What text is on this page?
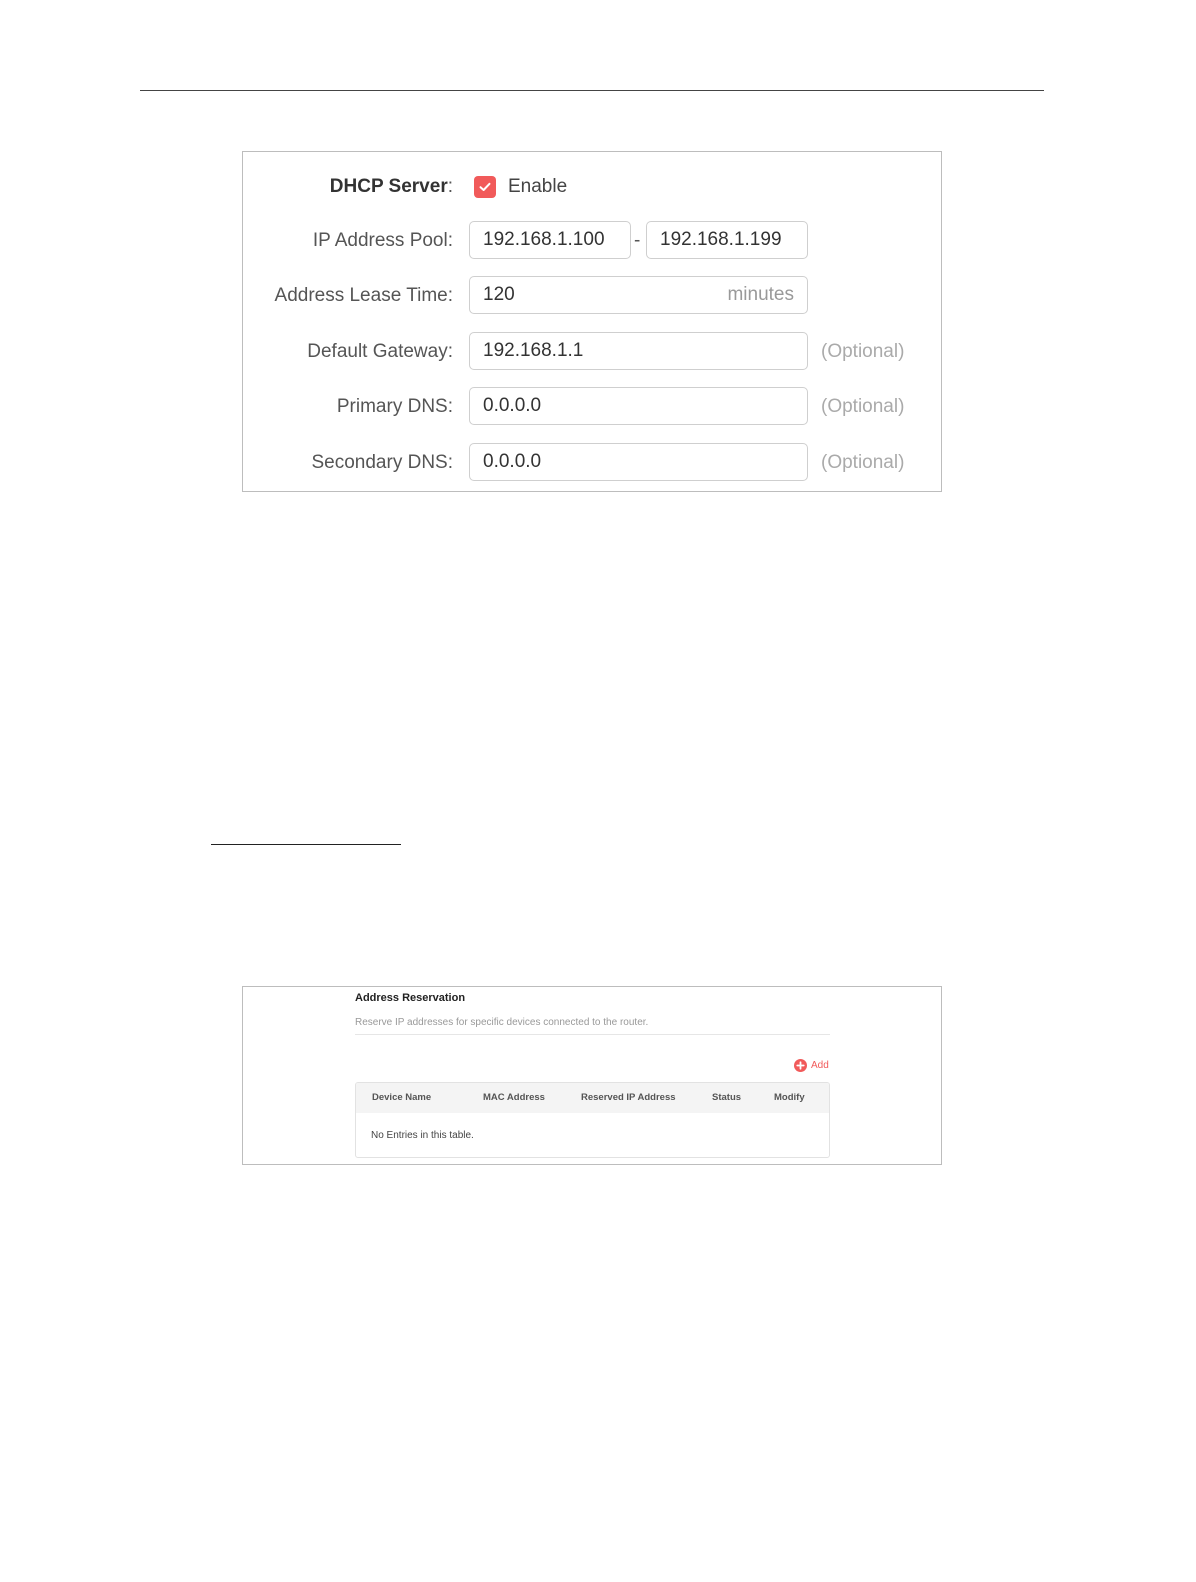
DHCP Server:	Enable
IP Address Pool:	192.168.1.100	-	192.168.1.199
Address Lease Time:	120	minutes
Default Gateway:	192.168.1.1	(Optional)
Primary DNS:	0.0.0.0	(Optional)
Secondary DNS:	0.0.0.0	(Optional)
Address Reservation
Reserve IP addresses for specific devices connected to the router.
Add
Device Name	MAC Address	Reserved IP Address	Status	Modify
No Entries in this table.
